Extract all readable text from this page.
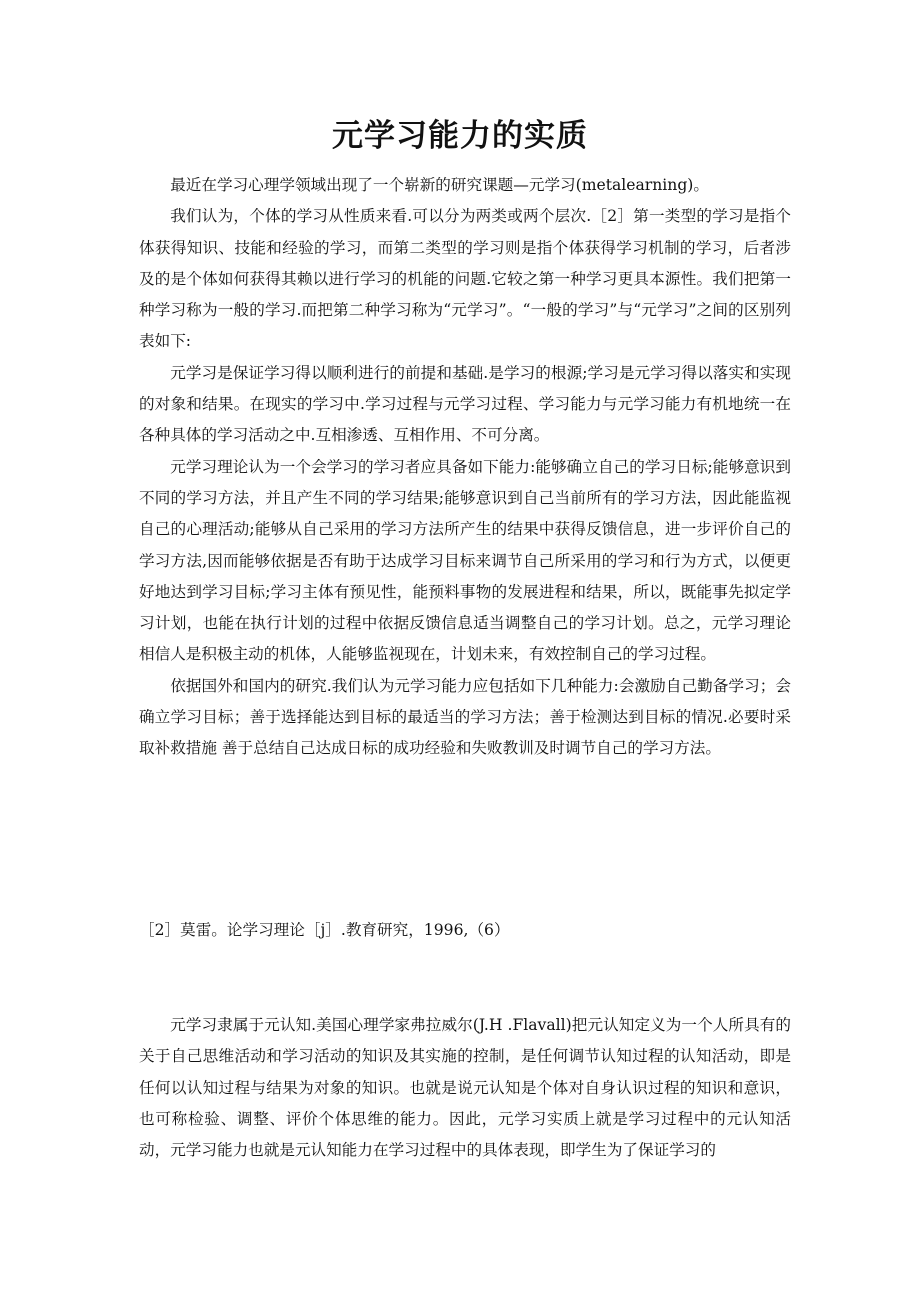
元学习能力的实质

最近在学习心理学领域出现了一个崭新的研究课题—元学习(metalearning)。

我们认为，个体的学习从性质来看.可以分为两类或两个层次.［2］第一类型的学习是指个体获得知识、技能和经验的学习，而第二类型的学习则是指个体获得学习机制的学习，后者涉及的是个体如何获得其赖以进行学习的机能的问题.它较之第一种学习更具本源性。我们把第一种学习称为一般的学习.而把第二种学习称为“元学习”。“一般的学习”与“元学习”之间的区别列表如下:

元学习是保证学习得以顺利进行的前提和基础.是学习的根源;学习是元学习得以落实和实现的对象和结果。在现实的学习中.学习过程与元学习过程、学习能力与元学习能力有机地统一在各种具体的学习活动之中.互相渗透、互相作用、不可分离。

元学习理论认为一个会学习的学习者应具备如下能力:能够确立自己的学习日标;能够意识到不同的学习方法，并且产生不同的学习结果;能够意识到自己当前所有的学习方法，因此能监视自己的心理活动;能够从自己采用的学习方法所产生的结果中获得反馈信息，进一步评价自己的学习方法,因而能够依据是否有助于达成学习目标来调节自己所采用的学习和行为方式，以便更好地达到学习目标;学习主体有预见性，能预料事物的发展进程和结果，所以，既能事先拟定学习计划，也能在执行计划的过程中依据反馈信息适当调整自己的学习计划。总之，元学习理论相信人是积极主动的机体，人能够监视现在，计划未来，有效控制自己的学习过程。

依据国外和国内的研究.我们认为元学习能力应包括如下几种能力:会激励自己勤备学习；会确立学习目标；善于选择能达到目标的最适当的学习方法；善于检测达到目标的情况.必要时采取补救措施 善于总结自己达成日标的成功经验和失败教训及时调节自己的学习方法。

［2］莫雷。论学习理论［j］.教育研究，1996,（6）

元学习隶属于元认知.美国心理学家弗拉威尔(J.H .Flavall)把元认知定义为一个人所具有的关于自己思维活动和学习活动的知识及其实施的控制，是任何调节认知过程的认知活动，即是任何以认知过程与结果为对象的知识。也就是说元认知是个体对自身认识过程的知识和意识，也可称检验、调整、评价个体思维的能力。因此，元学习实质上就是学习过程中的元认知活动，元学习能力也就是元认知能力在学习过程中的具体表现，即学生为了保证学习的
